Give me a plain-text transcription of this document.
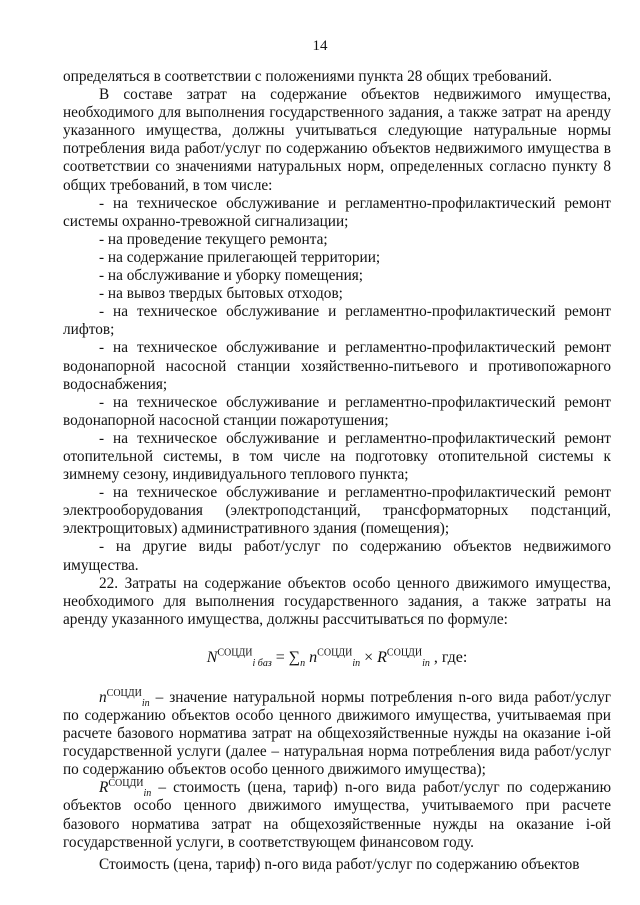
14

определяться в соответствии с положениями пункта 28 общих требований.

В составе затрат на содержание объектов недвижимого имущества, необходимого для выполнения государственного задания, а также затрат на аренду указанного имущества, должны учитываться следующие натуральные нормы потребления вида работ/услуг по содержанию объектов недвижимого имущества в соответствии со значениями натуральных норм, определенных согласно пункту 8 общих требований, в том числе:

- на техническое обслуживание и регламентно-профилактический ремонт системы охранно-тревожной сигнализации;

- на проведение текущего ремонта;

- на содержание прилегающей территории;

- на обслуживание и уборку помещения;

- на вывоз твердых бытовых отходов;

- на техническое обслуживание и регламентно-профилактический ремонт лифтов;

- на техническое обслуживание и регламентно-профилактический ремонт водонапорной насосной станции хозяйственно-питьевого и противопожарного водоснабжения;

- на техническое обслуживание и регламентно-профилактический ремонт водонапорной насосной станции пожаротушения;

- на техническое обслуживание и регламентно-профилактический ремонт отопительной системы, в том числе на подготовку отопительной системы к зимнему сезону, индивидуального теплового пункта;

- на техническое обслуживание и регламентно-профилактический ремонт электрооборудования (электроподстанций, трансформаторных подстанций, электрощитовых) административного здания (помещения);

- на другие виды работ/услуг по содержанию объектов недвижимого имущества.

22. Затраты на содержание объектов особо ценного движимого имущества, необходимого для выполнения государственного задания, а также затраты на аренду указанного имущества, должны рассчитываться по формуле:

$N^{СОЦДИ}_{i баз} = \sum_n$ $n^{СОЦДИ}_{in} \times R^{СОЦДИ}_{in}$ , где:

$n^{СОЦДИ}_{in}$ – значение натуральной нормы потребления n-ого вида работ/услуг по содержанию объектов особо ценного движимого имущества, учитываемая при расчете базового норматива затрат на общехозяйственные нужды на оказание i-ой государственной услуги (далее – натуральная норма потребления вида работ/услуг по содержанию объектов особо ценного движимого имущества);

$R^{СОЦДИ}_{in}$ – стоимость (цена, тариф) n-ого вида работ/услуг по содержанию объектов особо ценного движимого имущества, учитываемого при расчете базового норматива затрат на общехозяйственные нужды на оказание i-ой государственной услуги, в соответствующем финансовом году.

Стоимость (цена, тариф) n-ого вида работ/услуг по содержанию объектов
